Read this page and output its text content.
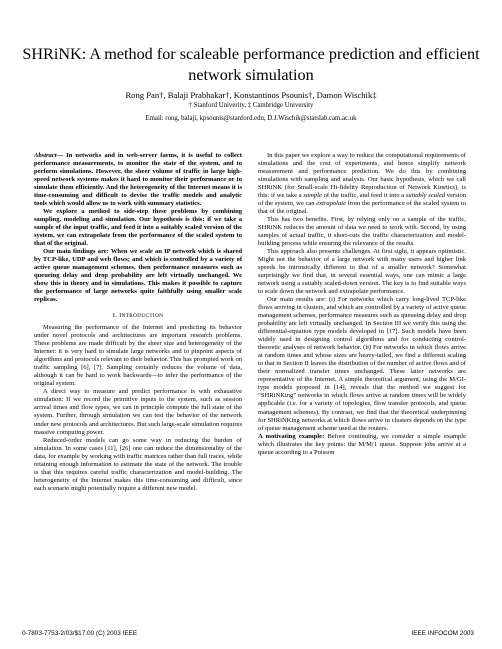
SHRiNK: A method for scaleable performance prediction and efficient
network simulation
Rong Pan†, Balaji Prabhakar†, Konstantinos Psounis†, Damon Wischik‡
† Stanford Univerity, ‡ Cambridge University
Email: rong, balaji, kpsounis@stanford.edu, D.J.Wischik@statslab.cam.ac.uk

Abstract— In networks and in web-server farms, it is useful to collect performance measurements, to monitor the state of the system, and to perform simulations. However, the sheer volume of traffic in large high-speed network systems makes it hard to monitor their performance or to simulate them efficiently. And the heterogeneity of the Internet means it is time-consuming and difficult to devise the traffic models and analytic tools which would allow us to work with summary statistics.

We explore a method to side-step these problems by combining sampling, modeling and simulation. Our hypothesis is this: if we take a sample of the input traffic, and feed it into a suitably scaled version of the system, we can extrapolate from the performance of the scaled system to that of the original.

Our main findings are: When we scale an IP network which is shared by TCP-like, UDP and web flows; and which is controlled by a variety of active queue management schemes, then performance measures such as queueing delay and drop probability are left virtually unchanged. We show this in theory and in simulations. This makes it possible to capture the performance of large networks quite faithfully using smaller scale replicas.

I. INTRODUCTION

Measuring the performance of the Internet and predicting its behavior under novel protocols and architectures are important research problems. These problems are made difficult by the sheer size and heterogeneity of the Internet: it is very hard to simulate large networks and to pinpoint aspects of algorithms and protocols relevant to their behavior. This has prompted work on traffic sampling [6], [7]. Sampling certainly reduces the volume of data, although it can be hard to work backwards—to infer the performance of the original system.

A direct way to measure and predict performance is with exhaustive simulation: If we record the primitive inputs to the system, such as session arrival times and flow types, we can in principle compute the full state of the system. Further, through simulation we can test the behavior of the network under new protocols and architectures. But such large-scale simulation requires massive computing power.

Reduced-order models can go some way in reducing the burden of simulation. In some cases [11], [26] one can reduce the dimensionality of the data, for example by working with traffic matrices rather than full traces, while retaining enough information to estimate the state of the network. The trouble is that this requires careful traffic characterization and model-building. The heterogeneity of the Internet makes this time-consuming and difficult, since each scenario might potentially require a different new model.

In this paper we explore a way to reduce the computational requirements of simulations and the cost of experiments, and hence simplify network measurement and performance prediction. We do this by combining simulations with sampling and analysis. Our basic hypothesis, which we call SHRiNK (for Small-scale Hi-fidelity Reproduction of Network Kinetics), is this: if we take a sample of the traffic, and feed it into a suitably scaled version of the system, we can extrapolate from the performance of the scaled system to that of the original.

This has two benefits. First, by relying only on a sample of the traffic, SHRiNK reduces the amount of data we need to work with. Second, by using samples of actual traffic, it short-cuts the traffic characterization and model-building process while ensuring the relevance of the results.

This approach also presents challenges. At first sight, it appears optimistic. Might not the behavior of a large network with many users and higher link speeds be intrinsically different to that of a smaller network? Somewhat surprisingly we find that, in several essential ways, one can mimic a large network using a suitably scaled-down version. The key is to find suitable ways to scale down the network and extrapolate performance.

Our main results are: (i) For networks which carry long-lived TCP-like flows arriving in clusters, and which are controlled by a variety of active queue management schemes, performance measures such as queueing delay and drop probability are left virtually unchanged. In Section III we verify this using the differential-equation type models developed in [17]. Such models have been widely used in designing control algorithms and for conducting control-theoretic analyses of network behavior. (ii) For networks in which flows arrive at random times and whose sizes are heavy-tailed, we find a different scaling to that in Section II leaves the distribution of the number of active flows and of their normalized transfer times unchanged. These latter networks are representative of the Internet. A simple theoretical argument, using the M/GI-type models proposed in [14], reveals that the method we suggest for “SHRiNKing” networks in which flows arrive at random times will be widely applicable (i.e. for a variety of topologies, flow transfer protocols, and queue management schemes). By contrast, we find that the theoretical underpinning for SHRiNKing networks at which flows arrive in clusters depends on the type of queue management scheme used at the routers.

A motivating example: Before continuing, we consider a simple example which illustrates the key points: the M/M/1 queue. Suppose jobs arrive at a queue according to a Poisson

0-7803-7753-2/03/$17.00 (C) 2003 IEEE	IEEE INFOCOM 2003
